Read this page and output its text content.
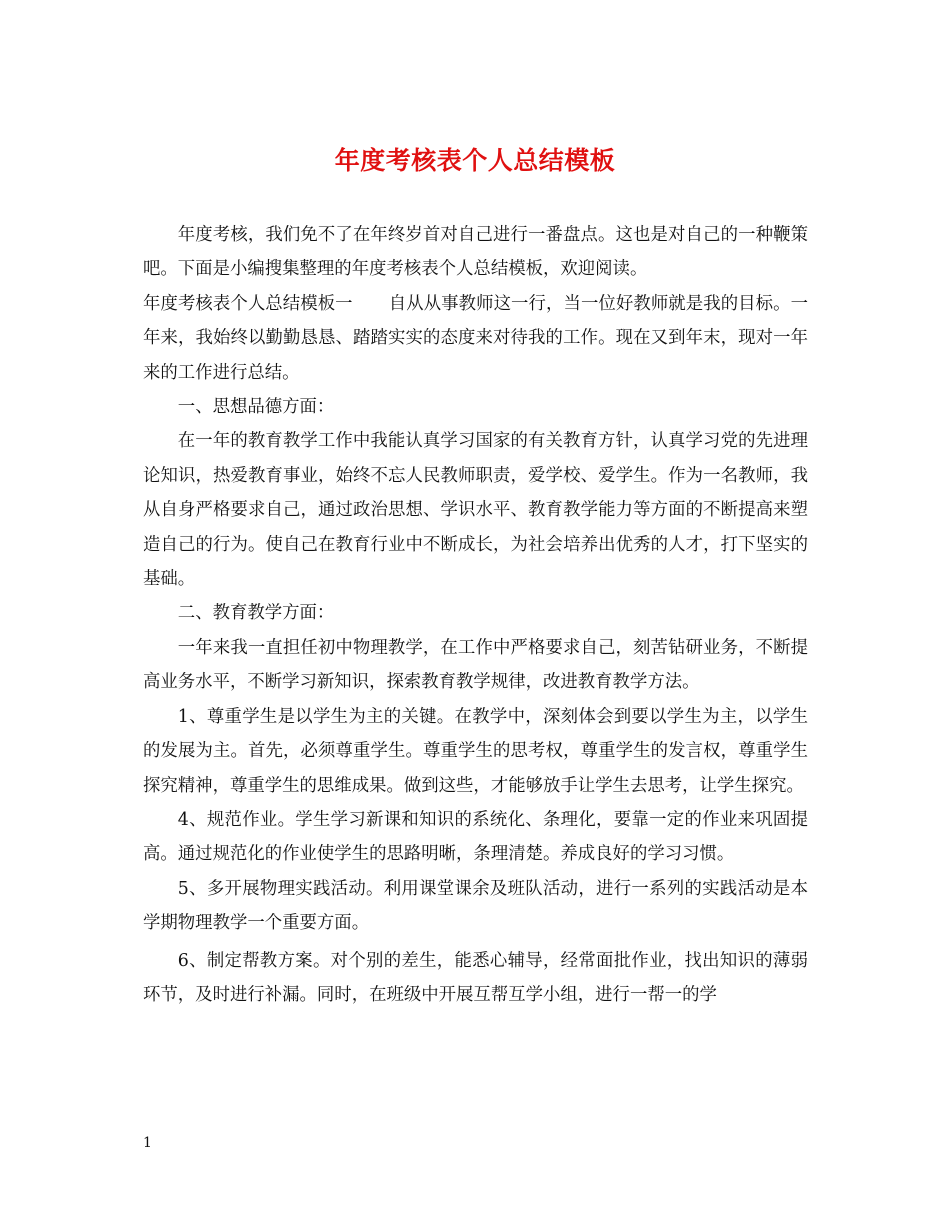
年度考核表个人总结模板

年度考核，我们免不了在年终岁首对自己进行一番盘点。这也是对自己的一种鞭策吧。下面是小编搜集整理的年度考核表个人总结模板，欢迎阅读。

年度考核表个人总结模板一 自从从事教师这一行，当一位好教师就是我的目标。一年来，我始终以勤勤恳恳、踏踏实实的态度来对待我的工作。现在又到年末，现对一年来的工作进行总结。

一、思想品德方面：

在一年的教育教学工作中我能认真学习国家的有关教育方针，认真学习党的先进理论知识，热爱教育事业，始终不忘人民教师职责，爱学校、爱学生。作为一名教师，我从自身严格要求自己，通过政治思想、学识水平、教育教学能力等方面的不断提高来塑造自己的行为。使自己在教育行业中不断成长，为社会培养出优秀的人才，打下坚实的基础。

二、教育教学方面：

一年来我一直担任初中物理教学，在工作中严格要求自己，刻苦钻研业务，不断提高业务水平，不断学习新知识，探索教育教学规律，改进教育教学方法。

1、尊重学生是以学生为主的关键。在教学中，深刻体会到要以学生为主，以学生的发展为主。首先，必须尊重学生。尊重学生的思考权，尊重学生的发言权，尊重学生探究精神，尊重学生的思维成果。做到这些，才能够放手让学生去思考，让学生探究。

4、规范作业。学生学习新课和知识的系统化、条理化，要靠一定的作业来巩固提高。通过规范化的作业使学生的思路明晰，条理清楚。养成良好的学习习惯。

5、多开展物理实践活动。利用课堂课余及班队活动，进行一系列的实践活动是本学期物理教学一个重要方面。

6、制定帮教方案。对个别的差生，能悉心辅导，经常面批作业，找出知识的薄弱环节，及时进行补漏。同时，在班级中开展互帮互学小组，进行一帮一的学

1
